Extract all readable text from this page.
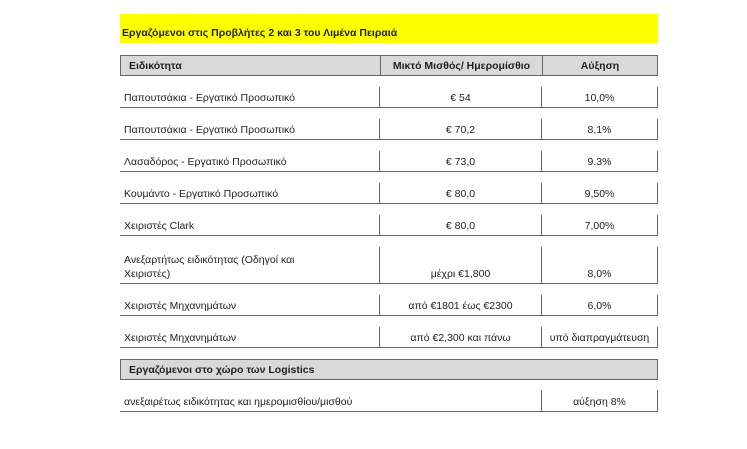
Εργαζόμενοι στις Προβλήτες 2 και 3 του Λιμένα Πειραιά
Ειδικότητα	Μικτό Μισθός/ Ημερομίσθιο	Αύξηση
Παπουτσάκια - Εργατικό Προσωπικό	€ 54	10,0%
Παπουτσάκια - Εργατικό Προσωπικό	€ 70,2	8,1%
Λασαδόρος - Εργατικό Προσωπικό	€ 73,0	9.3%
Κουμάντο - Εργατικό Προσωπικό	€ 80,0	9,50%
Χειριστές Clark	€ 80,0	7,00%
Ανεξαρτήτως ειδικότητας (Οδηγοί και
Χειριστές)	μέχρι €1,800	8,0%
Χειριστές Μηχανημάτων	από €1801 έως €2300	6,0%
Χειριστές Μηχανημάτων	από €2,300 και πάνω	υπό διαπραγμάτευση
Εργαζόμενοι στο χώρο των Logistics
ανεξαιρέτως ειδικότητας και ημερομισθίου/μισθού	αύξηση 8%
